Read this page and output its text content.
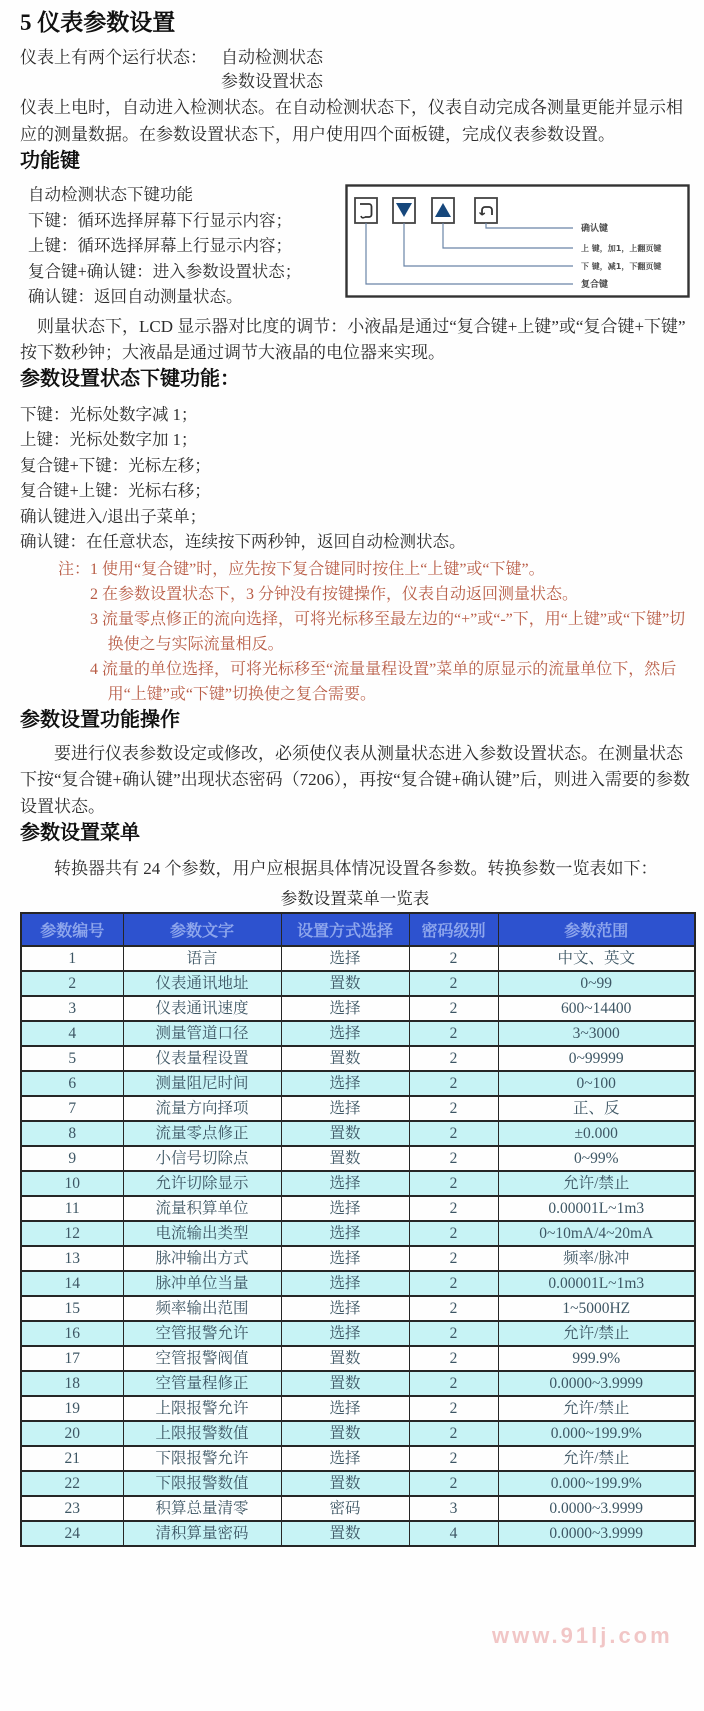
5 仪表参数设置
仪表上有两个运行状态： 自动检测状态
参数设置状态

仪表上电时，自动进入检测状态。在自动检测状态下，仪表自动完成各测量更能并显示相应的测量数据。在参数设置状态下，用户使用四个面板键，完成仪表参数设置。

功能键
自动检测状态下键功能
下键：循环选择屏幕下行显示内容；
上键：循环选择屏幕上行显示内容；
复合键+确认键：进入参数设置状态；
确认键：返回自动测量状态。
确认键
上 键，加1，上翻页键
下 键，减1，下翻页键
复合键

则量状态下，LCD 显示器对比度的调节：小液晶是通过“复合键+上键”或“复合键+下键”按下数秒钟；大液晶是通过调节大液晶的电位器来实现。

参数设置状态下键功能：
下键：光标处数字减 1；
上键：光标处数字加 1；
复合键+下键：光标左移；
复合键+上键：光标右移；
确认键进入/退出子菜单；
确认键：在任意状态，连续按下两秒钟，返回自动检测状态。
注： 1 使用“复合键”时，应先按下复合键同时按住上“上键”或“下键”。
2 在参数设置状态下，3 分钟没有按键操作，仪表自动返回测量状态。
3 流量零点修正的流向选择，可将光标移至最左边的“+”或“-”下，用“上键”或“下键”切换使之与实际流量相反。
4 流量的单位选择，可将光标移至“流量量程设置”菜单的原显示的流量单位下，然后用“上键”或“下键”切换使之复合需要。
参数设置功能操作

要进行仪表参数设定或修改，必须使仪表从测量状态进入参数设置状态。在测量状态下按“复合键+确认键”出现状态密码（7206），再按“复合键+确认键”后，则进入需要的参数设置状态。

参数设置菜单

转换器共有 24 个参数，用户应根据具体情况设置各参数。转换参数一览表如下：

参数设置菜单一览表
参数编号	参数文字	设置方式选择	密码级别	参数范围
1	语言	选择	2	中文、英文
2	仪表通讯地址	置数	2	0~99
3	仪表通讯速度	选择	2	600~14400
4	测量管道口径	选择	2	3~3000
5	仪表量程设置	置数	2	0~99999
6	测量阻尼时间	选择	2	0~100
7	流量方向择项	选择	2	正、反
8	流量零点修正	置数	2	±0.000
9	小信号切除点	置数	2	0~99%
10	允许切除显示	选择	2	允许/禁止
11	流量积算单位	选择	2	0.00001L~1m3
12	电流输出类型	选择	2	0~10mA/4~20mA
13	脉冲输出方式	选择	2	频率/脉冲
14	脉冲单位当量	选择	2	0.00001L~1m3
15	频率输出范围	选择	2	1~5000HZ
16	空管报警允许	选择	2	允许/禁止
17	空管报警阀值	置数	2	999.9%
18	空管量程修正	置数	2	0.0000~3.9999
19	上限报警允许	选择	2	允许/禁止
20	上限报警数值	置数	2	0.000~199.9%
21	下限报警允许	选择	2	允许/禁止
22	下限报警数值	置数	2	0.000~199.9%
23	积算总量清零	密码	3	0.0000~3.9999
24	清积算量密码	置数	4	0.0000~3.9999
www.91lj.com
